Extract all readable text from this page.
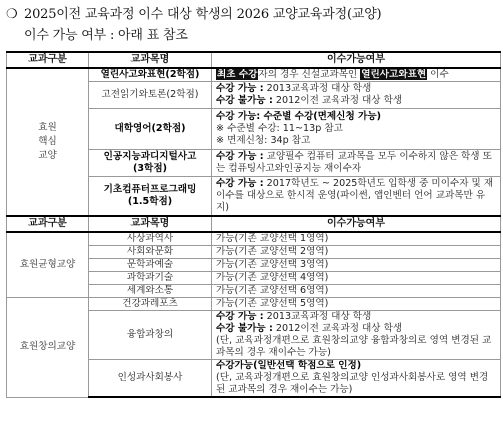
❍ 2025이전 교육과정 이수 대상 학생의 2026 교양교육과정(교양)
이수 가능 여부 : 아래 표 참조
교과구분	교과목명	이수가능여부

효원
핵심
교양	열린사고와표현(2학점)	최초 수강자의 경우 신설교과목인 열린사고와표현 이수
	고전읽기와토론(2학점)	수강 가능 : 2013교육과정 대상 학생
수강 불가능 : 2012이전 교육과정 대상 학생

	대학영어(2학점)	수강 가능: 수준별 수강(면제신청 가능)
※ 수준별 수강: 11~13p 참고
※ 면제신청: 34p 참고

	인공지능과디지털사고
(3학점)	수강 가능 : 교양필수 컴퓨터 교과목을 모두 이수하지 않은 학생 또는 컴퓨팅사고와인공지능 재이수자

	기초컴퓨터프로그래밍
(1.5학점)	수강 가능 : 2017학년도 ~ 2025학년도 입학생 중 미이수자 및 재이수를 대상으로 한시적 운영(파이썬, 앱인벤터 언어 교과목만 유지)
교과구분	교과목명	이수가능여부
효원균형교양	사상과역사	가능(기존 교양선택 1영역)
	사회와문화	가능(기존 교양선택 2영역)
	문학과예술	가능(기존 교양선택 3영역)
	과학과기술	가능(기존 교양선택 4영역)
	세계와소통	가능(기존 교양선택 6영역)
효원창의교양	건강과레포츠	가능(기존 교양선택 5영역)
	융합과창의	수강 가능 : 2013교육과정 대상 학생
수강 불가능 : 2012이전 교육과정 대상 학생
(단, 교육과정개편으로 효원창의교양 융합과창의로 영역 변경된 교과목의 경우 재이수는 가능)

	인성과사회봉사	수강가능(일반선택 학점으로 인정)
(단, 교육과정개편으로 효원창의교양 인성과사회봉사로 영역 변경된 교과목의 경우 재이수는 가능)
